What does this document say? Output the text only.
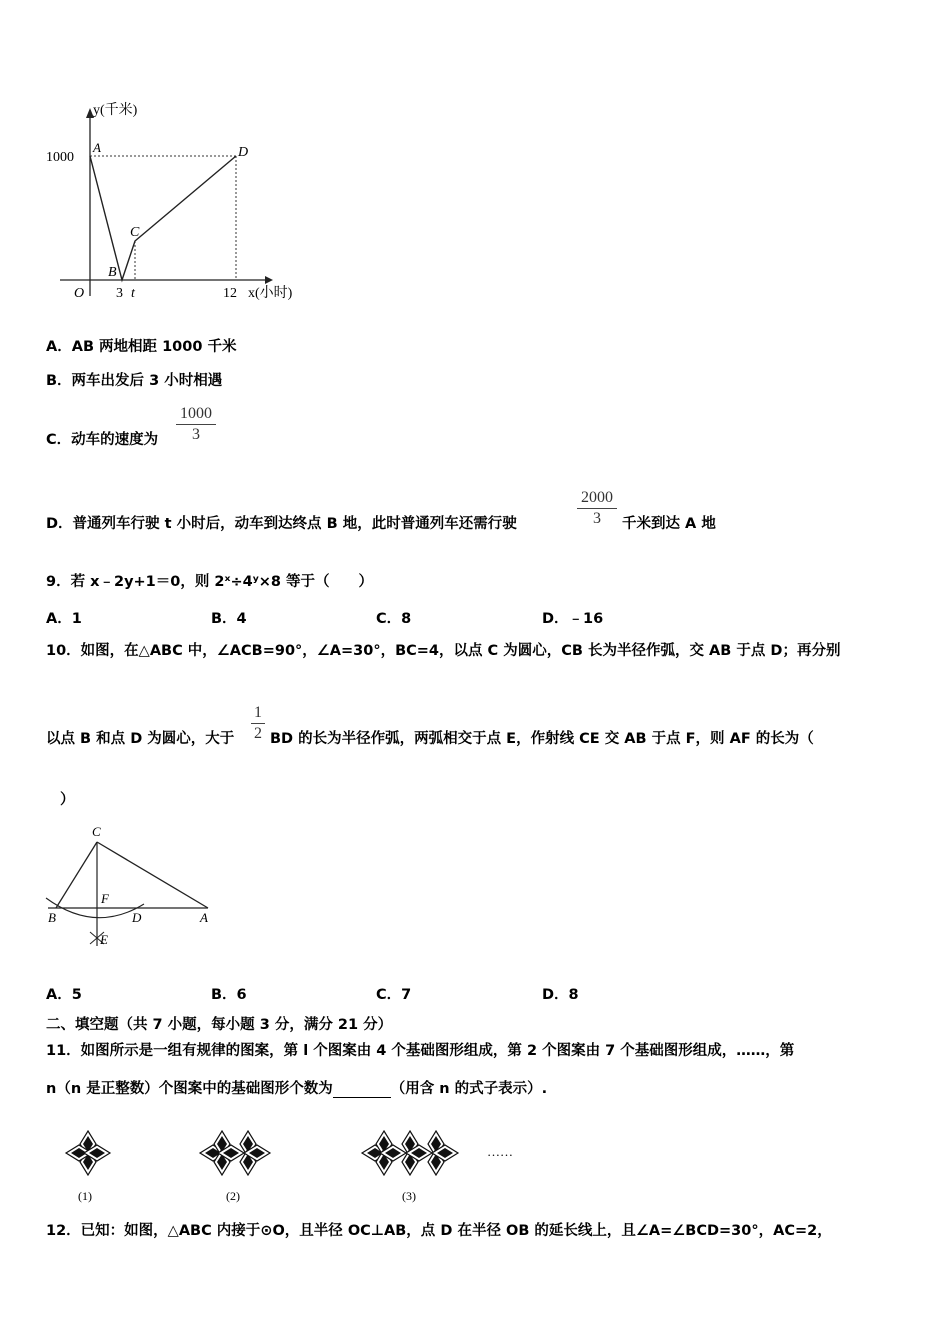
y(千米)
1000
A	D
C
B
O 3 t	12 x(小时)
A．AB 两地相距 1000 千米
B．两车出发后 3 小时相遇
C．动车的速度为
1000
3
D．普通列车行驶 t 小时后，动车到达终点 B 地，此时普通列车还需行驶
2000
3	千米到达 A 地
9．若 x﹣2y+1＝0，则 2ˣ÷4ʸ×8 等于（　　）
A．1	B．4	C．8	D．﹣16
10．如图，在△ABC 中，∠ACB=90°，∠A=30°，BC=4，以点 C 为圆心，CB 长为半径作弧，交 AB 于点 D；再分别
以点 B 和点 D 为圆心，大于
1
2 BD 的长为半径作弧，两弧相交于点 E，作射线 CE 交 AB 于点 F，则 AF 的长为（
）
C
F
B	D	A
E
A．5	B．6	C．7	D．8
二、填空题（共 7 小题，每小题 3 分，满分 21 分）
11．如图所示是一组有规律的图案，第 l 个图案由 4 个基础图形组成，第 2 个图案由 7 个基础图形组成，……，第
n（n 是正整数）个图案中的基础图形个数为	（用含 n 的式子表示）.
……
(1)	(2)	(3)
12．已知：如图，△ABC 内接于⊙O，且半径 OC⊥AB，点 D 在半径 OB 的延长线上，且∠A=∠BCD=30°，AC=2，
